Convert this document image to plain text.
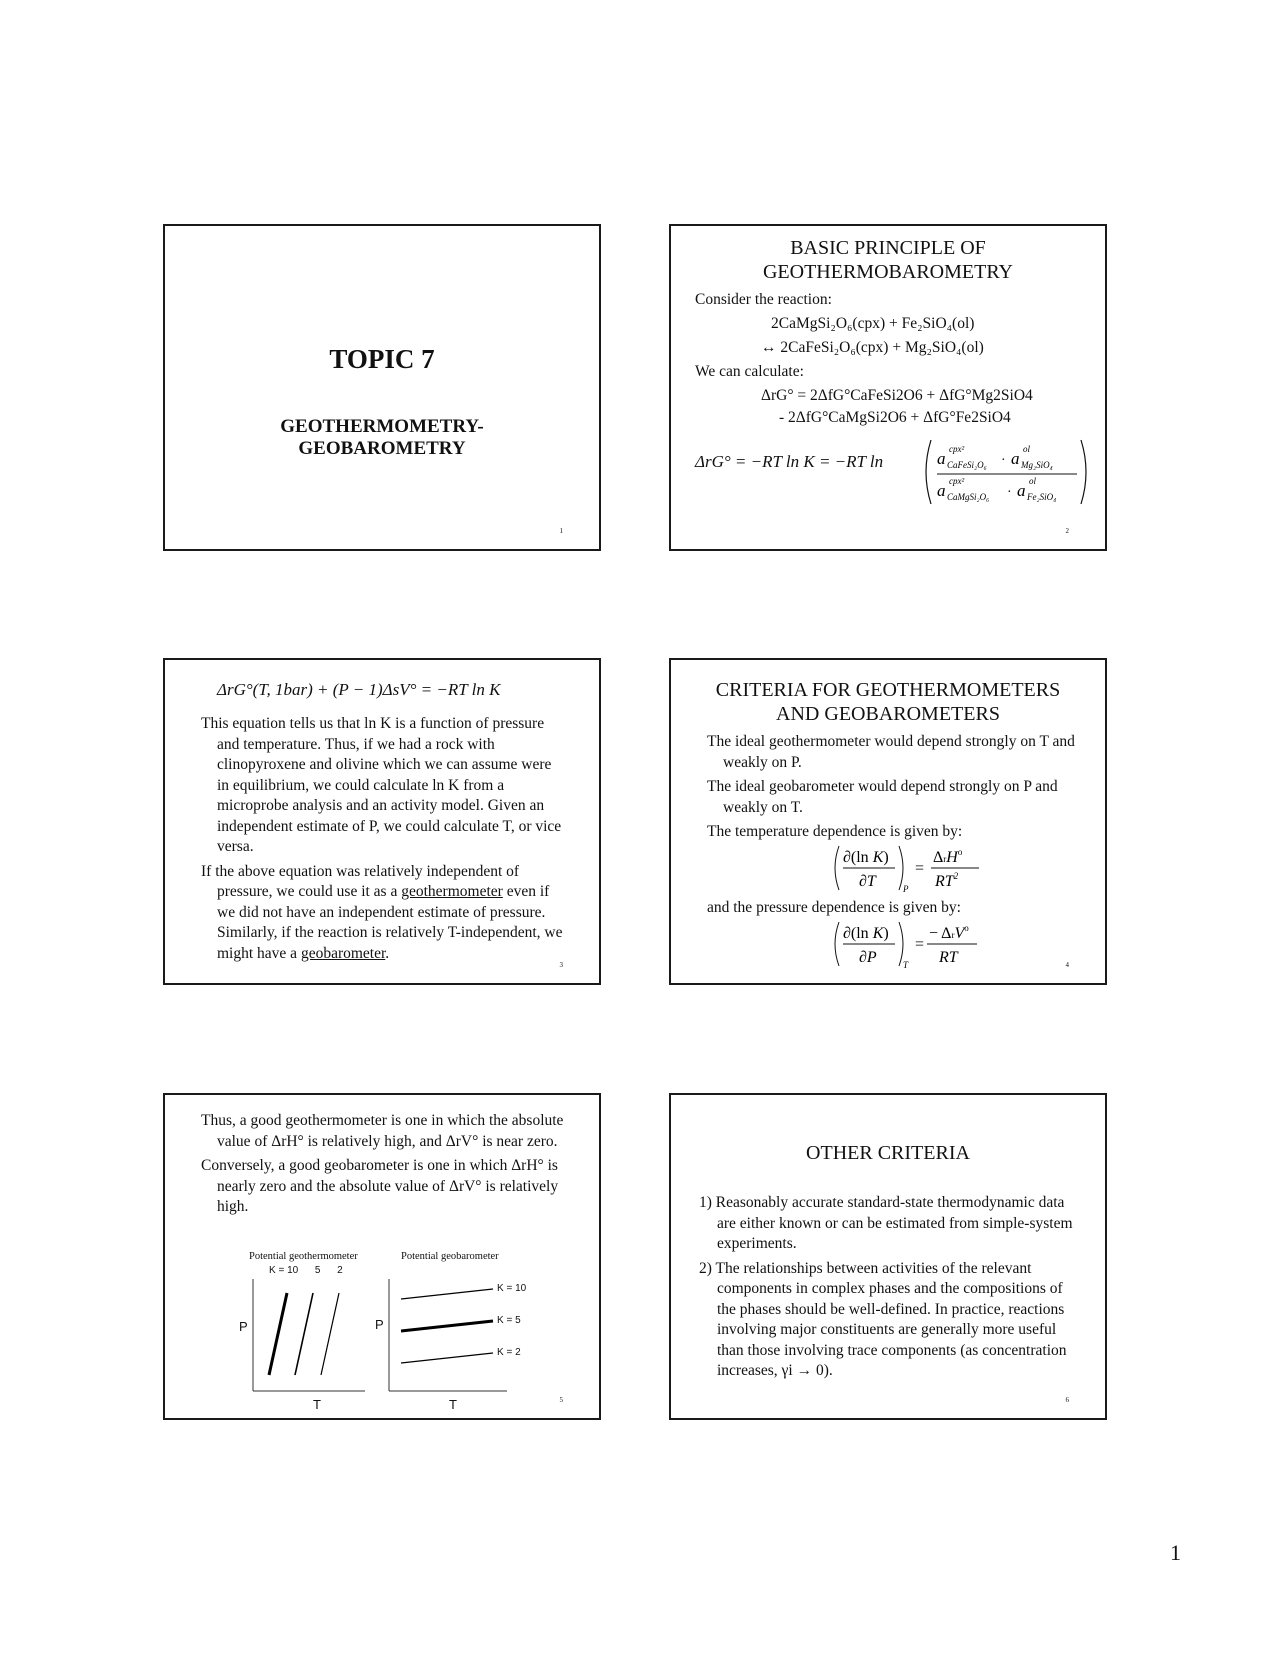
TOPIC 7
GEOTHERMOMETRY-
GEOBAROMETRY
1
BASIC PRINCIPLE OF
GEOTHERMOBAROMETRY
Consider the reaction:
2CaMgSi₂O₆(cpx) + Fe₂SiO₄(ol)
↔ 2CaFeSi₂O₆(cpx) + Mg₂SiO₄(ol)
We can calculate:
ΔrG° = 2ΔfG°CaFeSi2O6 + ΔfG°Mg2SiO4
- 2ΔfG°CaMgSi2O6 + ΔfG°Fe2SiO4
ΔrG° = −RT ln K = −RT ln	a CaFeSi₂O₆
cpx²
· a Mg₂SiO₄
ol
a CaMgSi₂O₆
cpx²
· a Fe₂SiO₄
ol
2
ΔrG°(T, 1bar) + (P − 1)ΔsV° = −RT ln K

This equation tells us that ln K is a function of pressure and temperature. Thus, if we had a rock with clinopyroxene and olivine which we can assume were in equilibrium, we could calculate ln K from a microprobe analysis and an activity model. Given an independent estimate of P, we could calculate T, or vice versa.

If the above equation was relatively independent of pressure, we could use it as a geothermometer even if we did not have an independent estimate of pressure. Similarly, if the reaction is relatively T-independent, we might have a geobarometer.

3
CRITERIA FOR GEOTHERMOMETERS
AND GEOBAROMETERS

The ideal geothermometer would depend strongly on T and weakly on P.

The ideal geobarometer would depend strongly on P and weakly on T.

The temperature dependence is given by:

∂(ln K)
∂T	P
=
ΔrH$^o$
$RT^2$
and the pressure dependence is given by:
∂(ln K)
∂P	T
=
− ΔrV$^o$
RT	4

Thus, a good geothermometer is one in which the absolute value of ΔrH° is relatively high, and ΔrV° is near zero.

Conversely, a good geobarometer is one in which ΔrH° is nearly zero and the absolute value of ΔrV° is relatively high.

Potential geothermometer	Potential geobarometer
K = 10      5      2
K = 10
K = 5
K = 2
P	P
T	T	5
OTHER CRITERIA

1) Reasonably accurate standard-state thermodynamic data are either known or can be estimated from simple-system experiments.

2) The relationships between activities of the relevant components in complex phases and the compositions of the phases should be well-defined. In practice, reactions involving major constituents are generally more useful than those involving trace components (as concentration increases, γi → 0).

6
1
